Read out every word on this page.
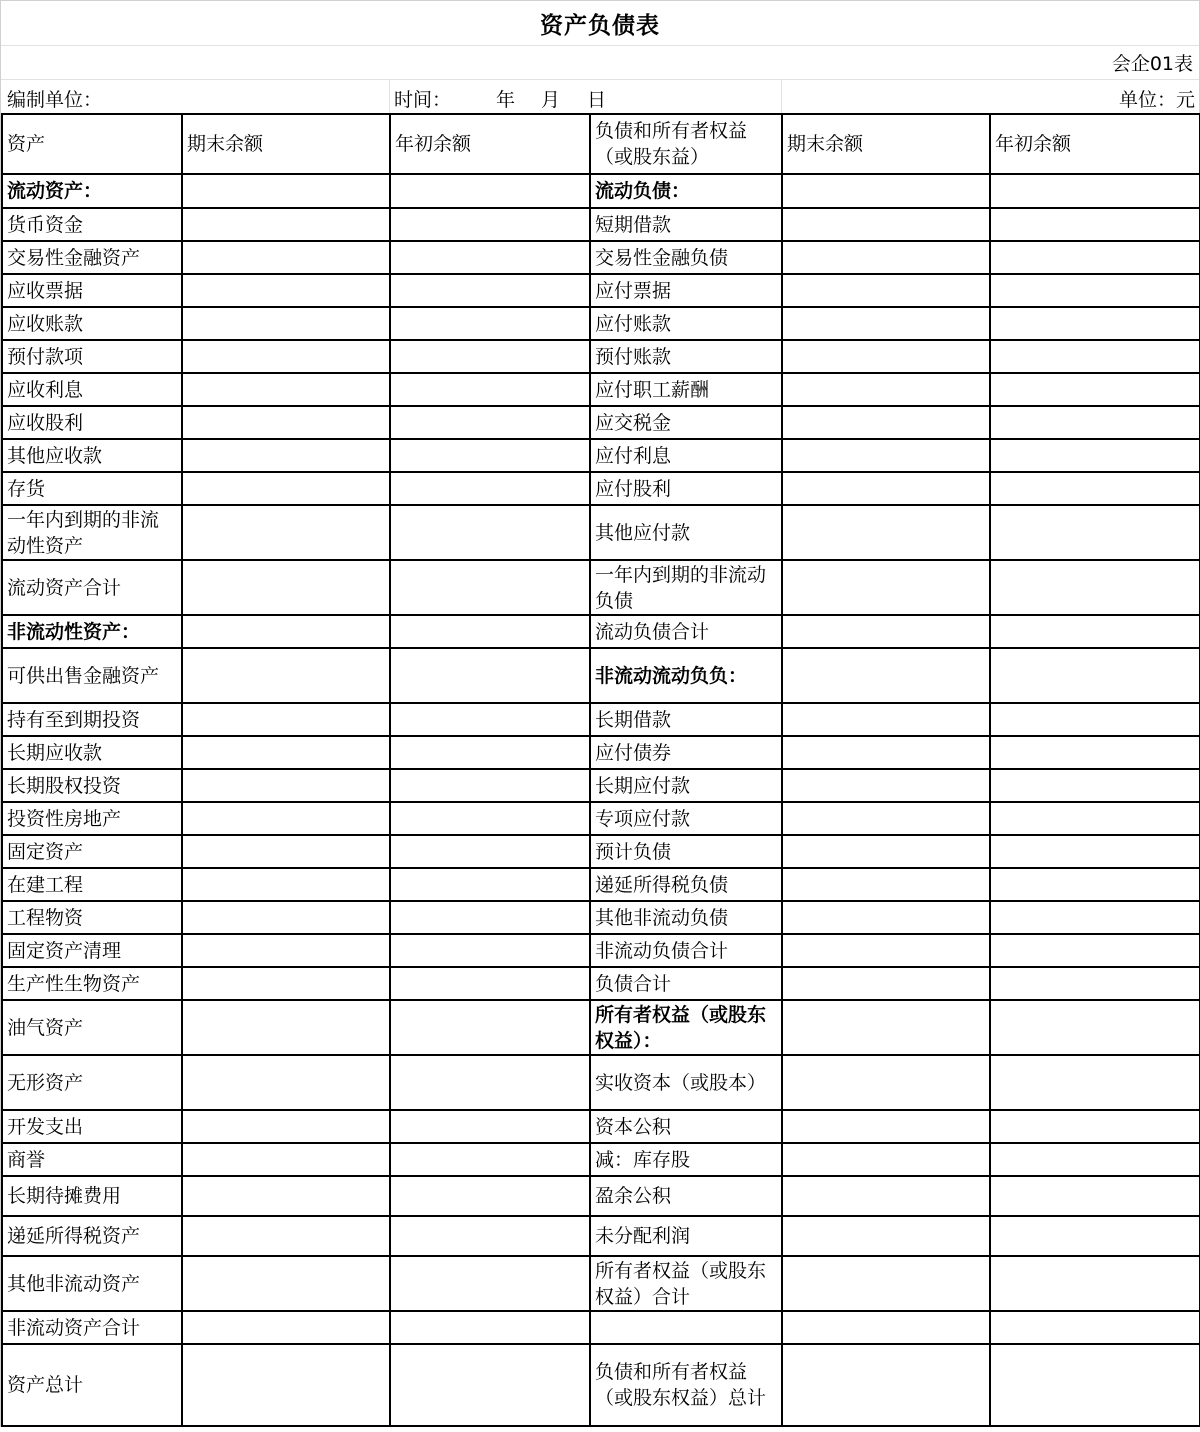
资产负债表
会企01表
编制单位：	时间： 年 月 日	单位：元
资产	期末余额	年初余额	负债和所有者权益（或股东益）	期末余额	年初余额
流动资产：			流动负债：		
货币资金			短期借款		
交易性金融资产			交易性金融负债		
应收票据			应付票据		
应收账款			应付账款		
预付款项			预付账款		
应收利息			应付职工薪酬		
应收股利			应交税金		
其他应收款			应付利息		
存货			应付股利		
一年内到期的非流动性资产			其他应付款		
流动资产合计			一年内到期的非流动负债		
非流动性资产：			流动负债合计		
可供出售金融资产			非流动流动负负：		
持有至到期投资			长期借款		
长期应收款			应付债券		
长期股权投资			长期应付款		
投资性房地产			专项应付款		
固定资产			预计负债		
在建工程			递延所得税负债		
工程物资			其他非流动负债		
固定资产清理			非流动负债合计		
生产性生物资产			负债合计		
油气资产			所有者权益（或股东权益）：		
无形资产			实收资本（或股本）		
开发支出			资本公积		
商誉			减：库存股		
长期待摊费用			盈余公积		
递延所得税资产			未分配利润		
其他非流动资产			所有者权益（或股东权益）合计		
非流动资产合计					
资产总计			负债和所有者权益（或股东权益）总计		
